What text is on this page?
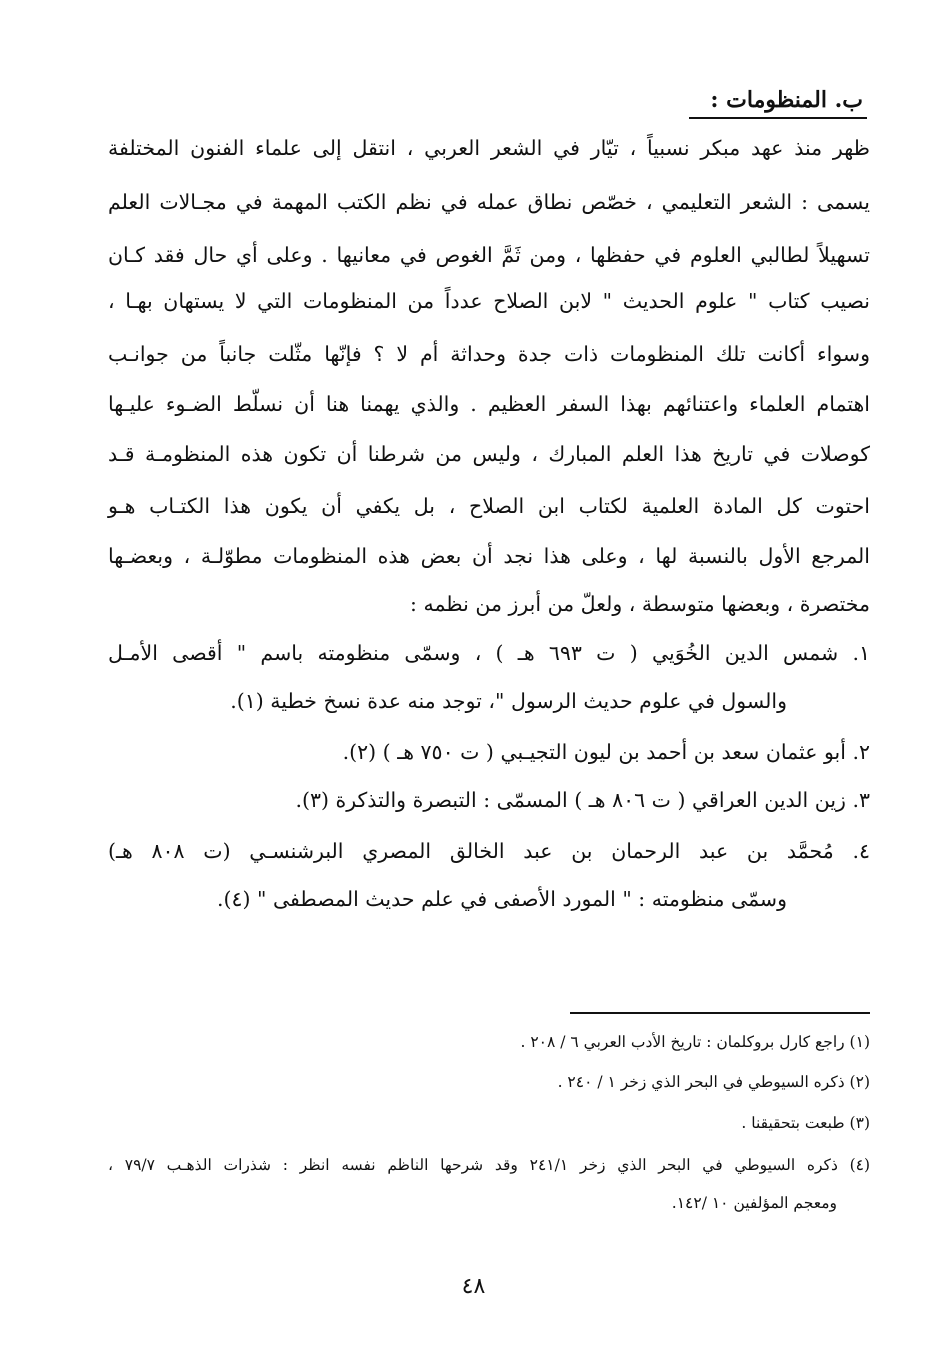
ب. المنظومات :
ظهر منذ عهد مبكر نسبياً ، تيّار في الشعر العربي ، انتقل إلى علماء الفنون المختلفة
يسمى : الشعر التعليمي ، خصّص نطاق عمله في نظم الكتب المهمة في مجـالات العلم
تسهيلاً لطالبي العلوم في حفظها ، ومن ثَمَّ الغوص في معانيها . وعلى أي حال فقد كـان
نصيب كتاب " علوم الحديث " لابن الصلاح عدداً من المنظومات التي لا يستهان بهـا ،
وسواء أكانت تلك المنظومات ذات جدة وحداثة أم لا ؟ فإنّها مثّلت جانباً من جوانـب
اهتمام العلماء واعتنائهم بهذا السفر العظيم . والذي يهمنا هنا أن نسلّط الضـوء عليـها
كوصلات في تاريخ هذا العلم المبارك ، وليس من شرطنا أن تكون هذه المنظومـة قـد
احتوت كل المادة العلمية لكتاب ابن الصلاح ، بل يكفي أن يكون هذا الكتـاب هـو
المرجع الأول بالنسبة لها ، وعلى هذا نجد أن بعض هذه المنظومات مطوّلـة ، وبعضـها
مختصرة ، وبعضها متوسطة ، ولعلّ من أبرز من نظمه :
١. شمس الدين الخُوَيي ( ت ٦٩٣ هـ ) ، وسمّى منظومته باسم " أقصى الأمـل
والسول في علوم حديث الرسول "، توجد منه عدة نسخ خطية (١).
٢. أبو عثمان سعد بن أحمد بن ليون التجيـبي ( ت ٧٥٠ هـ ) (٢).
٣. زين الدين العراقي ( ت ٨٠٦ هـ ) المسمّى : التبصرة والتذكرة (٣).
٤. مُحمَّد بن عبد الرحمان بن عبد الخالق المصري البرشنسـي (ت ٨٠٨ هـ)
وسمّى منظومته : " المورد الأصفى في علم حديث المصطفى " (٤).
(١) راجع كارل بروكلمان : تاريخ الأدب العربي ٦ / ٢٠٨ .
(٢) ذكره السيوطي في البحر الذي زخر ١ / ٢٤٠ .
(٣) طبعت بتحقيقنا .
(٤) ذكره السيوطي في البحر الذي زخر ٢٤١/١ وقد شرحها الناظم نفسه انظر : شذرات الذهـب ٧٩/٧ ،
ومعجم المؤلفين ١٠ /١٤٢.
٤٨
